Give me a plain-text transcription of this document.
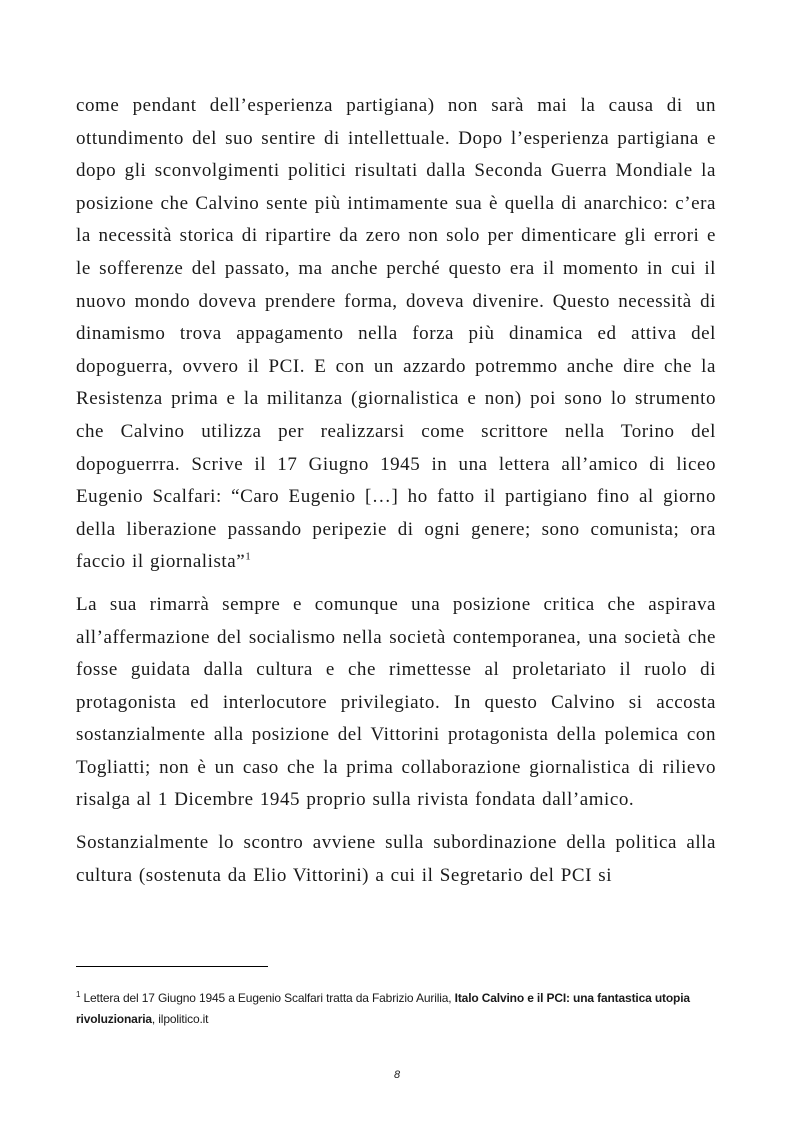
come pendant dell’esperienza partigiana) non sarà mai la causa di un ottundimento del suo sentire di intellettuale. Dopo l’esperienza partigiana e dopo gli sconvolgimenti politici risultati dalla Seconda Guerra Mondiale la posizione che Calvino sente più intimamente sua è quella di anarchico: c’era la necessità storica di ripartire da zero non solo per dimenticare gli errori e le sofferenze del passato, ma anche perché questo era il momento in cui il nuovo mondo doveva prendere forma, doveva divenire. Questo necessità di dinamismo trova appagamento nella forza più dinamica ed attiva del dopoguerra, ovvero il PCI. E con un azzardo potremmo anche dire che la Resistenza prima e la militanza (giornalistica e non) poi sono lo strumento che Calvino utilizza per realizzarsi come scrittore nella Torino del dopoguerrra. Scrive il 17 Giugno 1945 in una lettera all’amico di liceo Eugenio Scalfari: “Caro Eugenio […] ho fatto il partigiano fino al giorno della liberazione passando peripezie di ogni genere; sono comunista; ora faccio il giornalista”$^1$

La sua rimarrà sempre e comunque una posizione critica che aspirava all’affermazione del socialismo nella società contemporanea, una società che fosse guidata dalla cultura e che rimettesse al proletariato il ruolo di protagonista ed interlocutore privilegiato. In questo Calvino si accosta sostanzialmente alla posizione del Vittorini protagonista della polemica con Togliatti; non è un caso che la prima collaborazione giornalistica di rilievo risalga al 1 Dicembre 1945 proprio sulla rivista fondata dall’amico.

Sostanzialmente lo scontro avviene sulla subordinazione della politica alla cultura (sostenuta da Elio Vittorini) a cui il Segretario del PCI si

$^1$ Lettera del 17 Giugno 1945 a Eugenio Scalfari tratta da Fabrizio Aurilia, Italo Calvino e il PCI: una fantastica utopia rivoluzionaria, ilpolitico.it
8
